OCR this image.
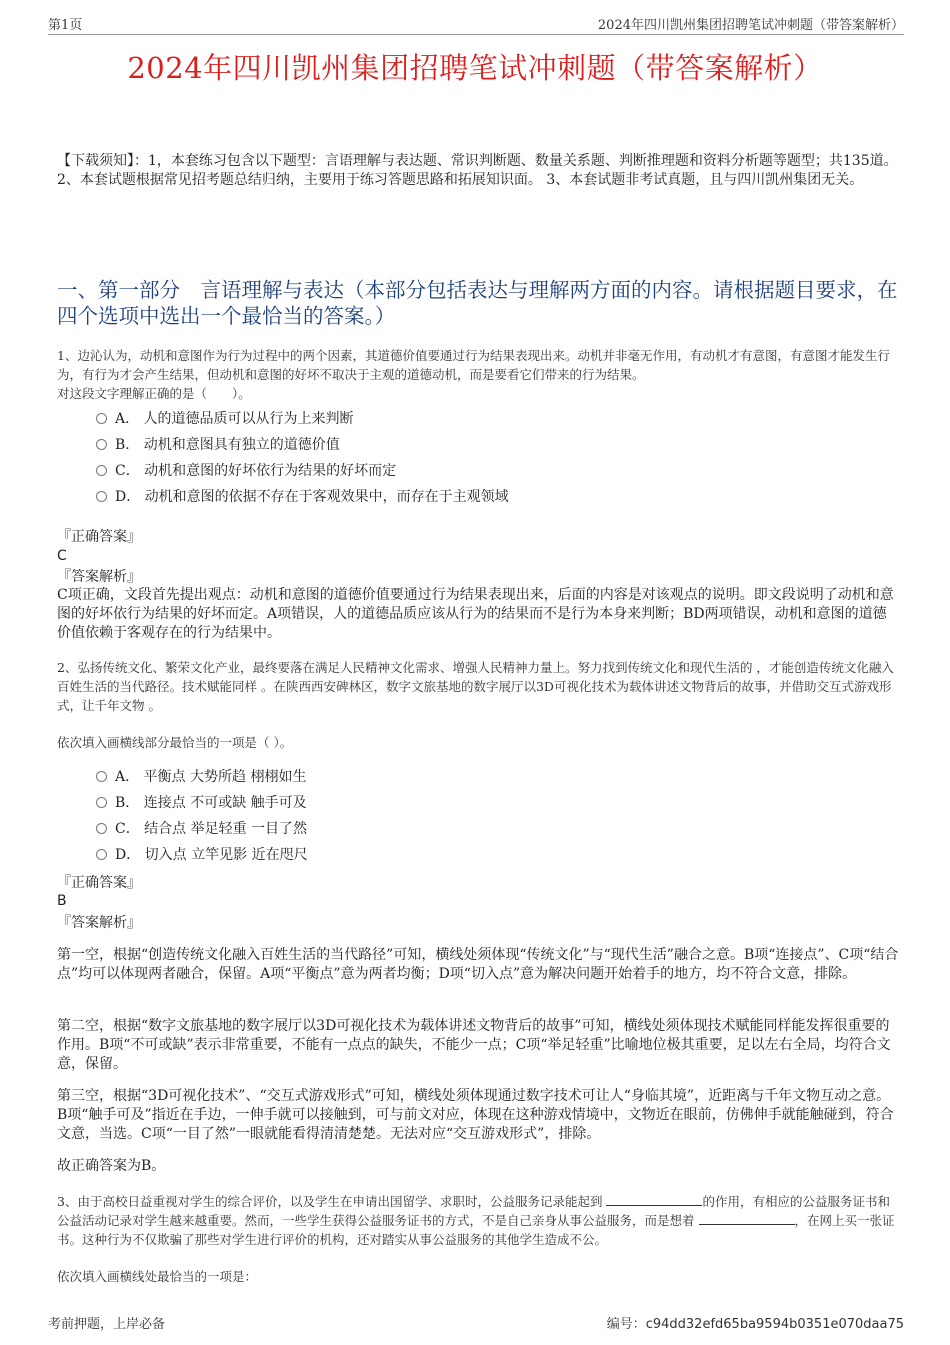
第1页	2024年四川凯州集团招聘笔试冲刺题（带答案解析）
2024年四川凯州集团招聘笔试冲刺题（带答案解析）
【下载须知】：1，本套练习包含以下题型：言语理解与表达题、常识判断题、数量关系题、判断推理题和资料分析题等题型；共135道。 2、本套试题根据常见招考题总结归纳，主要用于练习答题思路和拓展知识面。 3、本套试题非考试真题，且与四川凯州集团无关。
一、第一部分　言语理解与表达（本部分包括表达与理解两方面的内容。请根据题目要求，在四个选项中选出一个最恰当的答案。）
1、边沁认为，动机和意图作为行为过程中的两个因素，其道德价值要通过行为结果表现出来。动机并非毫无作用，有动机才有意图，有意图才能发生行为，有行为才会产生结果，但动机和意图的好坏不取决于主观的道德动机，而是要看它们带来的行为结果。
对这段文字理解正确的是（　　）。
A． 人的道德品质可以从行为上来判断
B． 动机和意图具有独立的道德价值
C． 动机和意图的好坏依行为结果的好坏而定
D． 动机和意图的依据不存在于客观效果中，而存在于主观领域
『正确答案』
C
『答案解析』
C项正确，文段首先提出观点：动机和意图的道德价值要通过行为结果表现出来，后面的内容是对该观点的说明。即文段说明了动机和意图的好坏依行为结果的好坏而定。A项错误，人的道德品质应该从行为的结果而不是行为本身来判断；BD两项错误，动机和意图的道德价值依赖于客观存在的行为结果中。
2、弘扬传统文化、繁荣文化产业，最终要落在满足人民精神文化需求、增强人民精神力量上。努力找到传统文化和现代生活的 ，才能创造传统文化融入百姓生活的当代路径。技术赋能同样 。在陕西西安碑林区，数字文旅基地的数字展厅以3D可视化技术为载体讲述文物背后的故事，并借助交互式游戏形式，让千年文物 。
依次填入画横线部分最恰当的一项是（ ）。
A． 平衡点 大势所趋 栩栩如生
B． 连接点 不可或缺 触手可及
C． 结合点 举足轻重 一目了然
D． 切入点 立竿见影 近在咫尺
『正确答案』
B
『答案解析』
第一空，根据“创造传统文化融入百姓生活的当代路径”可知，横线处须体现“传统文化”与“现代生活”融合之意。B项“连接点”、C项“结合点”均可以体现两者融合，保留。A项“平衡点”意为两者均衡；D项“切入点”意为解决问题开始着手的地方，均不符合文意，排除。
第二空，根据“数字文旅基地的数字展厅以3D可视化技术为载体讲述文物背后的故事”可知，横线处须体现技术赋能同样能发挥很重要的作用。B项“不可或缺”表示非常重要，不能有一点点的缺失，不能少一点；C项“举足轻重”比喻地位极其重要，足以左右全局，均符合文意，保留。
第三空，根据“3D可视化技术”、“交互式游戏形式”可知，横线处须体现通过数字技术可让人“身临其境”，近距离与千年文物互动之意。B项“触手可及”指近在手边，一伸手就可以接触到，可与前文对应，体现在这种游戏情境中，文物近在眼前，仿佛伸手就能触碰到，符合文意，当选。C项“一目了然”一眼就能看得清清楚楚。无法对应“交互游戏形式”，排除。
故正确答案为B。
3、由于高校日益重视对学生的综合评价，以及学生在申请出国留学、求职时，公益服务记录能起到	的作用，有相应的公益服务证书和公益活动记录对学生越来越重要。然而，一些学生获得公益服务证书的方式，不是自己亲身从事公益服务，而是想着	，在网上买一张证书。这种行为不仅欺骗了那些对学生进行评价的机构，还对踏实从事公益服务的其他学生造成不公。
依次填入画横线处最恰当的一项是：
考前押题，上岸必备	编号：c94dd32efd65ba9594b0351e070daa75
